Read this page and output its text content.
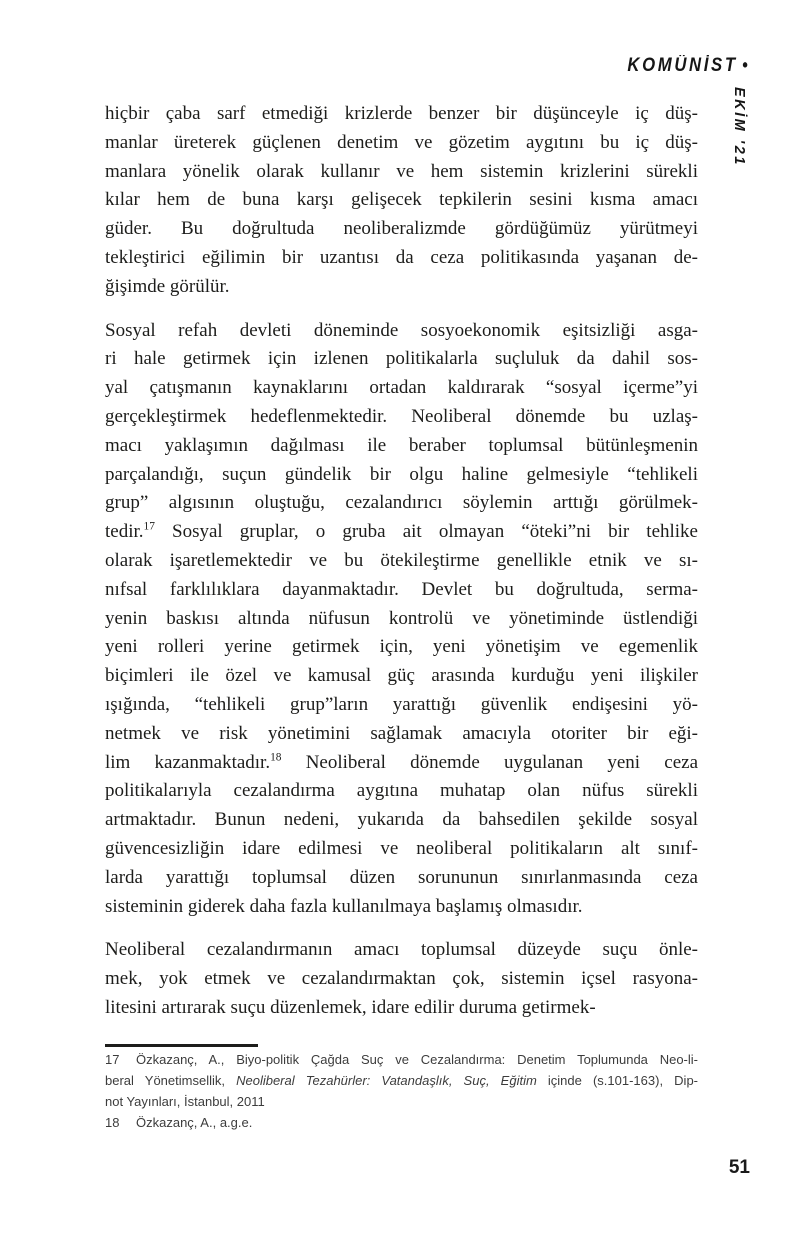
KOMÜNİST •
EKİM '21
hiçbir çaba sarf etmediği krizlerde benzer bir düşünceyle iç düş-
manlar üreterek güçlenen denetim ve gözetim aygıtını bu iç düş-
manlara yönelik olarak kullanır ve hem sistemin krizlerini sürekli
kılar hem de buna karşı gelişecek tepkilerin sesini kısma amacı
güder. Bu doğrultuda neoliberalizmde gördüğümüz yürütmeyi
tekleştirici eğilimin bir uzantısı da ceza politikasında yaşanan de-
ğişimde görülür.
Sosyal refah devleti döneminde sosyoekonomik eşitsizliği asga-
ri hale getirmek için izlenen politikalarla suçluluk da dahil sos-
yal çatışmanın kaynaklarını ortadan kaldırarak “sosyal içerme”yi
gerçekleştirmek hedeflenmektedir. Neoliberal dönemde bu uzlaş-
macı yaklaşımın dağılması ile beraber toplumsal bütünleşmenin
parçalandığı, suçun gündelik bir olgu haline gelmesiyle “tehlikeli
grup” algısının oluştuğu, cezalandırıcı söylemin arttığı görülmek-
tedir.$^{17}$ Sosyal gruplar, o gruba ait olmayan “öteki”ni bir tehlike
olarak işaretlemektedir ve bu ötekileştirme genellikle etnik ve sı-
nıfsal farklılıklara dayanmaktadır. Devlet bu doğrultuda, serma-
yenin baskısı altında nüfusun kontrolü ve yönetiminde üstlendiği
yeni rolleri yerine getirmek için, yeni yönetişim ve egemenlik
biçimleri ile özel ve kamusal güç arasında kurduğu yeni ilişkiler
ışığında, “tehlikeli grup”ların yarattığı güvenlik endişesini yö-
netmek ve risk yönetimini sağlamak amacıyla otoriter bir eği-
lim kazanmaktadır.$^{18}$ Neoliberal dönemde uygulanan yeni ceza
politikalarıyla cezalandırma aygıtına muhatap olan nüfus sürekli
artmaktadır. Bunun nedeni, yukarıda da bahsedilen şekilde sosyal
güvencesizliğin idare edilmesi ve neoliberal politikaların alt sınıf-
larda yarattığı toplumsal düzen sorununun sınırlanmasında ceza
sisteminin giderek daha fazla kullanılmaya başlamış olmasıdır.
Neoliberal cezalandırmanın amacı toplumsal düzeyde suçu önle-
mek, yok etmek ve cezalandırmaktan çok, sistemin içsel rasyona-
litesini artırarak suçu düzenlemek, idare edilir duruma getirmek-
17 Özkazanç, A., Biyo-politik Çağda Suç ve Cezalandırma: Denetim Toplumunda Neo-li-
beral Yönetimsellik, Neoliberal Tezahürler: Vatandaşlık, Suç, Eğitim içinde (s.101-163), Dip-
not Yayınları, İstanbul, 2011
18 Özkazanç, A., a.g.e.
51
